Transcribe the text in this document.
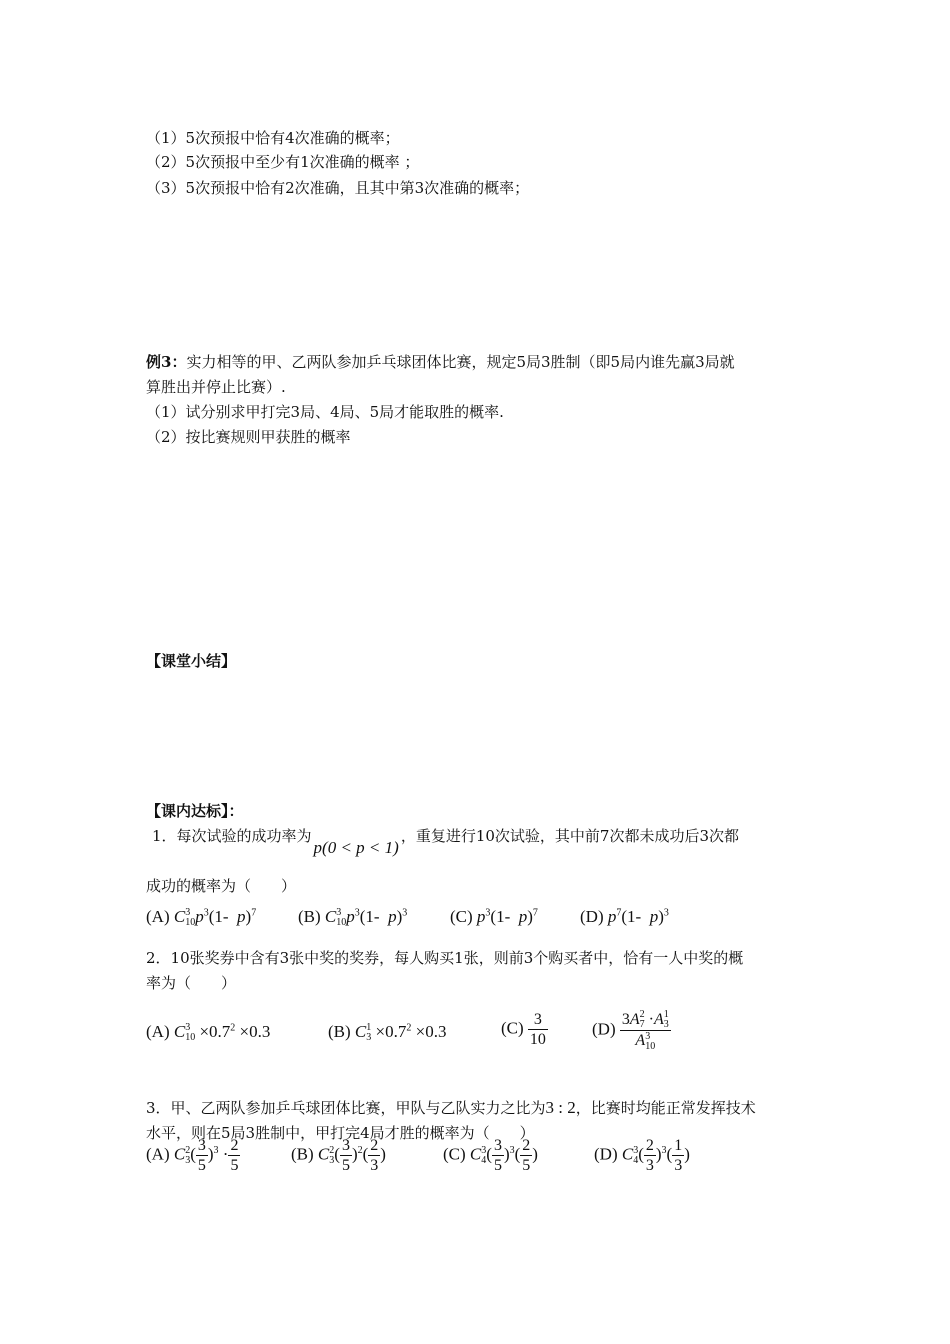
（1）5次预报中恰有4次准确的概率；
（2）5次预报中至少有1次准确的概率 ；
（3）5次预报中恰有2次准确，且其中第3次准确的概率；
例3：实力相等的甲、乙两队参加乒乓球团体比赛，规定5局3胜制（即5局内谁先赢3局就
算胜出并停止比赛）.
（1）试分别求甲打完3局、4局、5局才能取胜的概率.
（2）按比赛规则甲获胜的概率
【课堂小结】
【课内达标】：
1．每次试验的成功率为p(0 < p < 1)，重复进行10次试验，其中前7次都未成功后3次都
成功的概率为（　　）
(A) C 3
10 $p^3(1-$  p)$^7$ (B) C 3
10 $p^3(1-$  p)$^3$	(C) $p^3(1-$  p)$^7$ (D) $p^7(1-$  p)$^3$
2．10张奖券中含有3张中奖的奖券，每人购买1张，则前3个购买者中，恰有一人中奖的概
率为（　　）
(A) C 3
$10 \times 0.7^2 \times 0.3$	(B) C 1
$3 \times 0.7^2 \times 0.3$	$(C) \frac{3}{10}$	(D) 3A 2
7 ·A 1
3
A 3
10
3．甲、乙两队参加乒乓球团体比赛，甲队与乙队实力之比为3 : 2，比赛时均能正常发挥技术
水平，则在5局3胜制中，甲打完4局才胜的概率为（　　）
(A) C 2
3 ( $\frac{3}{5} )^3 \cdot \frac{2}{5}$	(B) C 2
3 ( $\frac{3}{5} )^2( \frac{2}{3}$ )	(C) C 3
4 ( $\frac{3}{5} )^3( \frac{2}{5}$ )	(D) C 3
4 ( $\frac{2}{3} )^3( \frac{1}{3}$ )
